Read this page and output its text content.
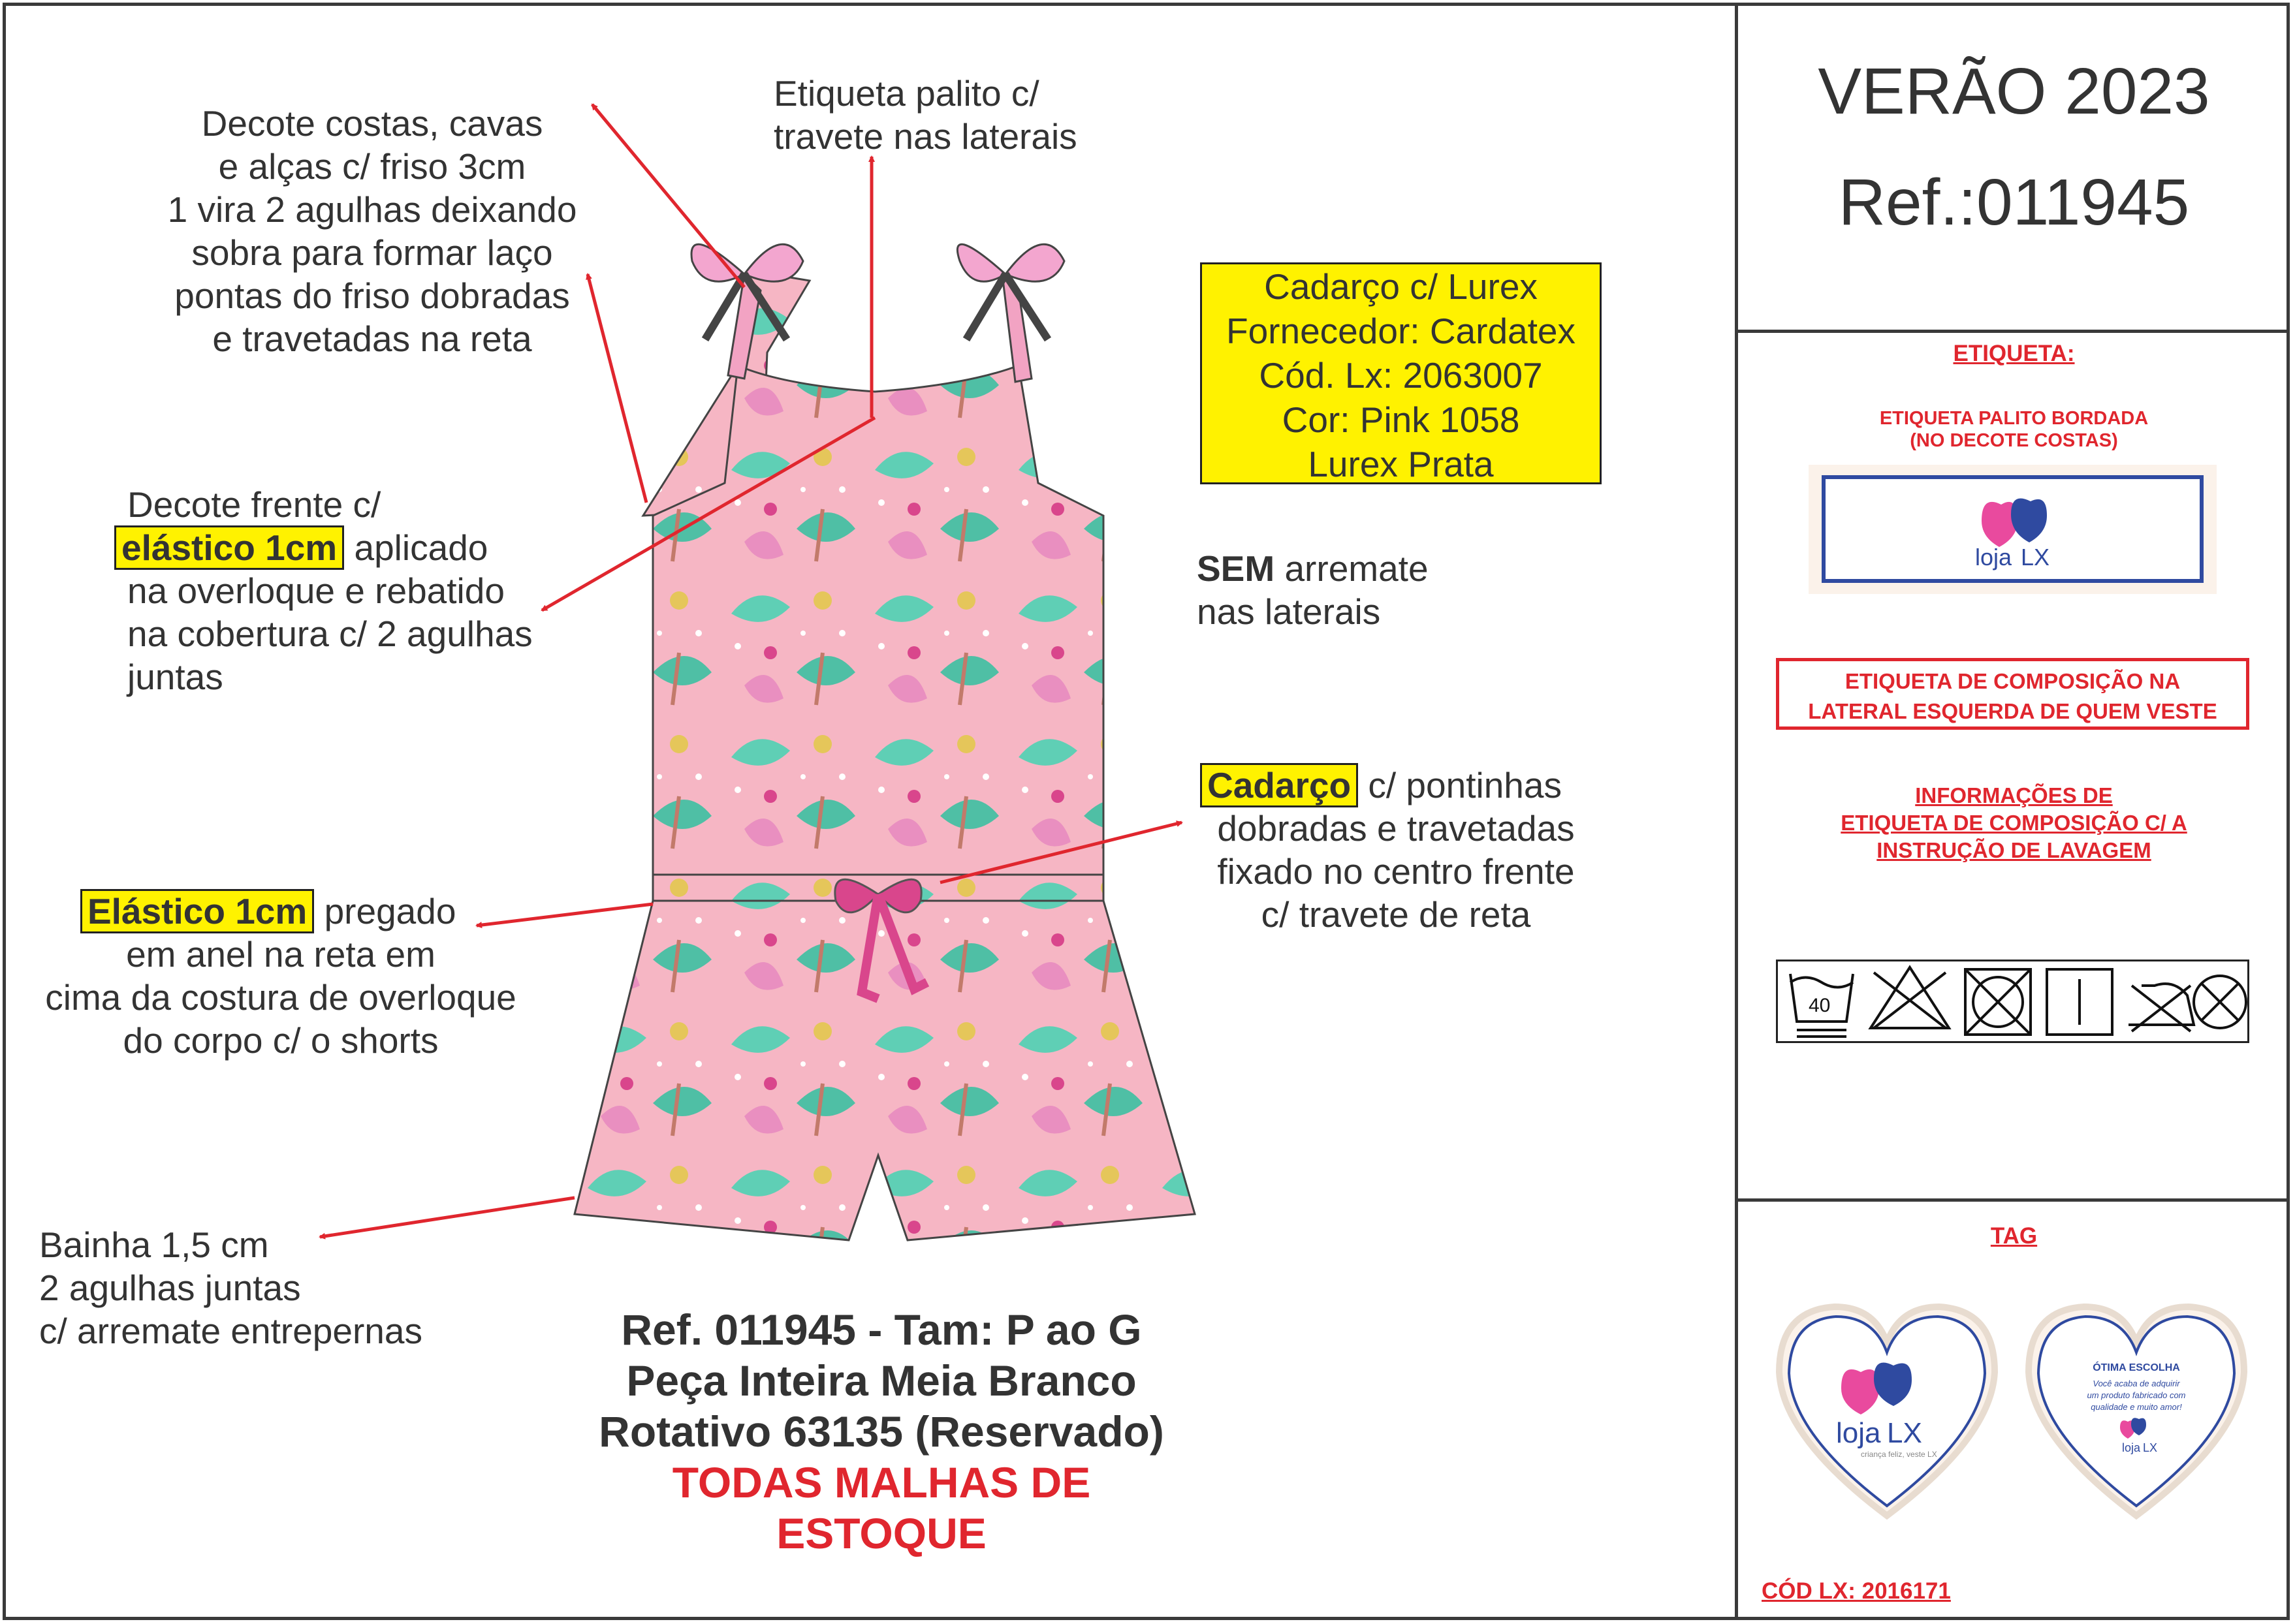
Decote costas, cavas
e alças c/ friso 3cm
1 vira 2 agulhas deixando
sobra para formar laço
pontas do friso dobradas
e travetadas na reta
Etiqueta palito c/
travete nas laterais
Decote frente c/
elástico 1cm aplicado
na overloque e rebatido
na cobertura c/ 2 agulhas
juntas
Cadarço c/ Lurex
Fornecedor: Cardatex
Cód. Lx: 2063007
Cor: Pink 1058
Lurex Prata
SEM arremate
nas laterais
Cadarço c/ pontinhas
dobradas e travetadas
fixado no centro frente
c/ travete de reta
Elástico 1cm pregado
em anel na reta em
cima da costura de overloque
do corpo c/ o shorts
Bainha 1,5 cm
2 agulhas juntas
c/ arremate entrepernas	Ref. 011945 - Tam: P ao G
Peça Inteira Meia Branco
Rotativo 63135 (Reservado)
TODAS MALHAS DE ESTOQUE
VERÃO 2023
Ref.:011945
ETIQUETA:
ETIQUETA PALITO BORDADA
(NO DECOTE COSTAS)
loja LX
ETIQUETA DE COMPOSIÇÃO NA
LATERAL ESQUERDA DE QUEM VESTE
INFORMAÇÕES DE
ETIQUETA DE COMPOSIÇÃO C/ A
INSTRUÇÃO DE LAVAGEM
40
TAG
loja LX
criança feliz, veste LX
ÓTIMA ESCOLHA
Você acaba de adquirir
um produto fabricado com
qualidade e muito amor!
loja LX
CÓD LX: 2016171
